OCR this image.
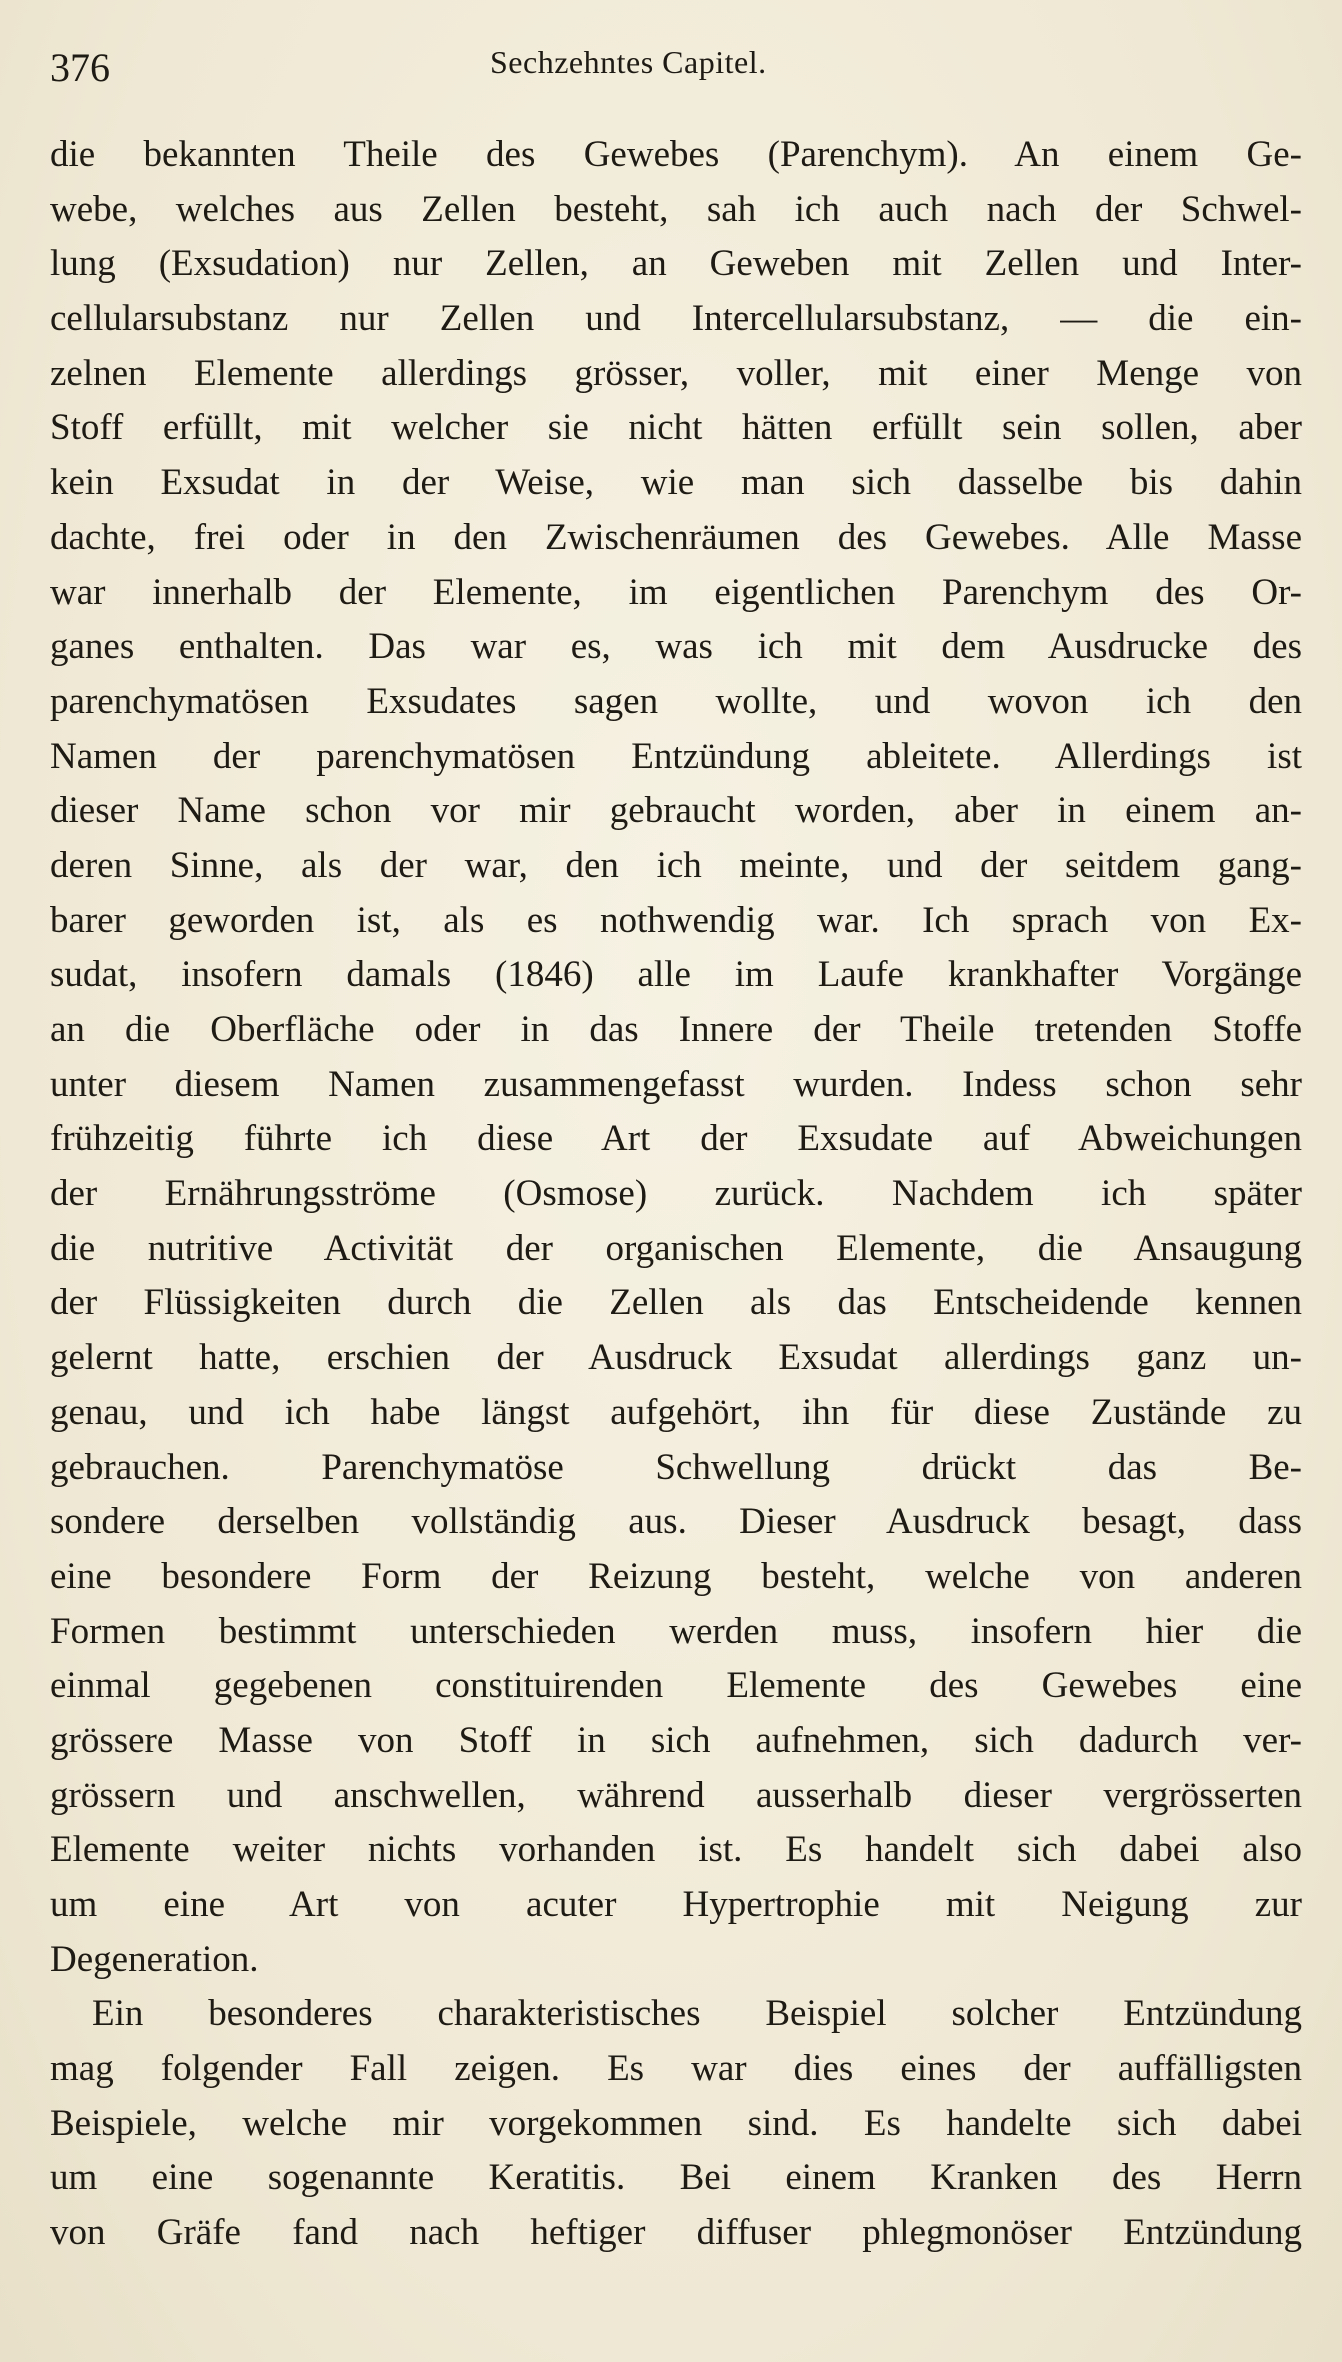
376	Sechzehntes Capitel.
die bekannten Theile des Gewebes (Parenchym). An einem Ge-
webe, welches aus Zellen besteht, sah ich auch nach der Schwel-
lung (Exsudation) nur Zellen, an Geweben mit Zellen und Inter-
cellularsubstanz nur Zellen und Intercellularsubstanz, — die ein-
zelnen Elemente allerdings grösser, voller, mit einer Menge von
Stoff erfüllt, mit welcher sie nicht hätten erfüllt sein sollen, aber
kein Exsudat in der Weise, wie man sich dasselbe bis dahin
dachte, frei oder in den Zwischenräumen des Gewebes. Alle Masse
war innerhalb der Elemente, im eigentlichen Parenchym des Or-
ganes enthalten. Das war es, was ich mit dem Ausdrucke des
parenchymatösen Exsudates sagen wollte, und wovon ich den
Namen der parenchymatösen Entzündung ableitete. Allerdings ist
dieser Name schon vor mir gebraucht worden, aber in einem an-
deren Sinne, als der war, den ich meinte, und der seitdem gang-
barer geworden ist, als es nothwendig war. Ich sprach von Ex-
sudat, insofern damals (1846) alle im Laufe krankhafter Vorgänge
an die Oberfläche oder in das Innere der Theile tretenden Stoffe
unter diesem Namen zusammengefasst wurden. Indess schon sehr
frühzeitig führte ich diese Art der Exsudate auf Abweichungen
der Ernährungsströme (Osmose) zurück. Nachdem ich später
die nutritive Activität der organischen Elemente, die Ansaugung
der Flüssigkeiten durch die Zellen als das Entscheidende kennen
gelernt hatte, erschien der Ausdruck Exsudat allerdings ganz un-
genau, und ich habe längst aufgehört, ihn für diese Zustände zu
gebrauchen. Parenchymatöse Schwellung drückt das Be-
sondere derselben vollständig aus. Dieser Ausdruck besagt, dass
eine besondere Form der Reizung besteht, welche von anderen
Formen bestimmt unterschieden werden muss, insofern hier die
einmal gegebenen constituirenden Elemente des Gewebes eine
grössere Masse von Stoff in sich aufnehmen, sich dadurch ver-
grössern und anschwellen, während ausserhalb dieser vergrösserten
Elemente weiter nichts vorhanden ist. Es handelt sich dabei also
um eine Art von acuter Hypertrophie mit Neigung zur
Degeneration.
Ein besonderes charakteristisches Beispiel solcher Entzündung
mag folgender Fall zeigen. Es war dies eines der auffälligsten
Beispiele, welche mir vorgekommen sind. Es handelte sich dabei
um eine sogenannte Keratitis. Bei einem Kranken des Herrn
von Gräfe fand nach heftiger diffuser phlegmonöser Entzündung
